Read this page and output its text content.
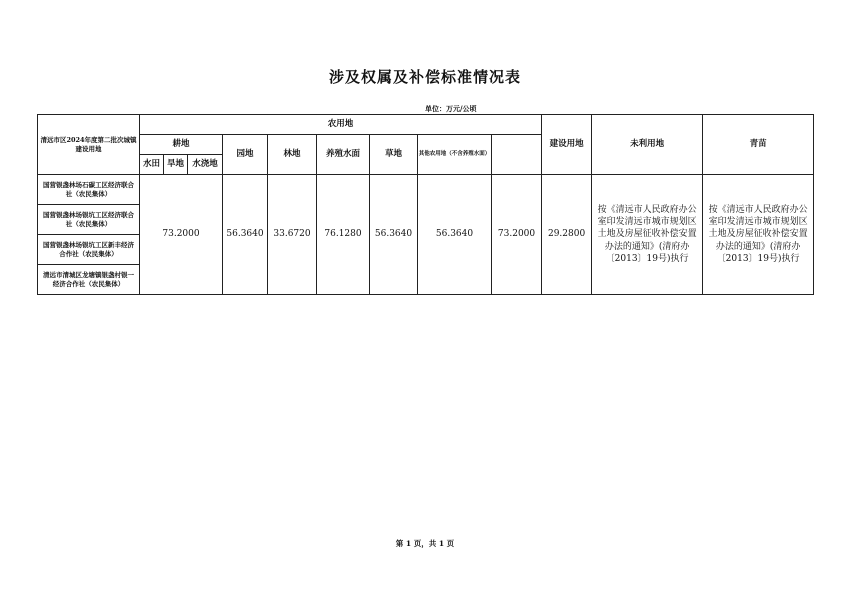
涉及权属及补偿标准情况表
单位：万元/公顷
清远市区2024年度第二批次城镇建设用地	农用地									建设用地	未利用地	青苗	
	耕地			园地	林地	养殖水面	草地	其他农用地（不含养殖水面）					
	水田	旱地	水浇地										
国营银盏林场石碳工区经济联合社（农民集体）	73.2000			56.3640	33.6720	76.1280	56.3640	56.3640	73.2000	29.2800	按《清远市人民政府办公室印发清远市城市规划区土地及房屋征收补偿安置办法的通知》(清府办〔2013〕19号)执行	按《清远市人民政府办公室印发清远市城市规划区土地及房屋征收补偿安置办法的通知》(清府办〔2013〕19号)执行	
国营银盏林场银坑工区经济联合社（农民集体）													
国营银盏林场银坑工区新丰经济合作社（农民集体）													
清远市清城区龙塘镇银盏村银一经济合作社（农民集体）													
第 1 页，共 1 页
